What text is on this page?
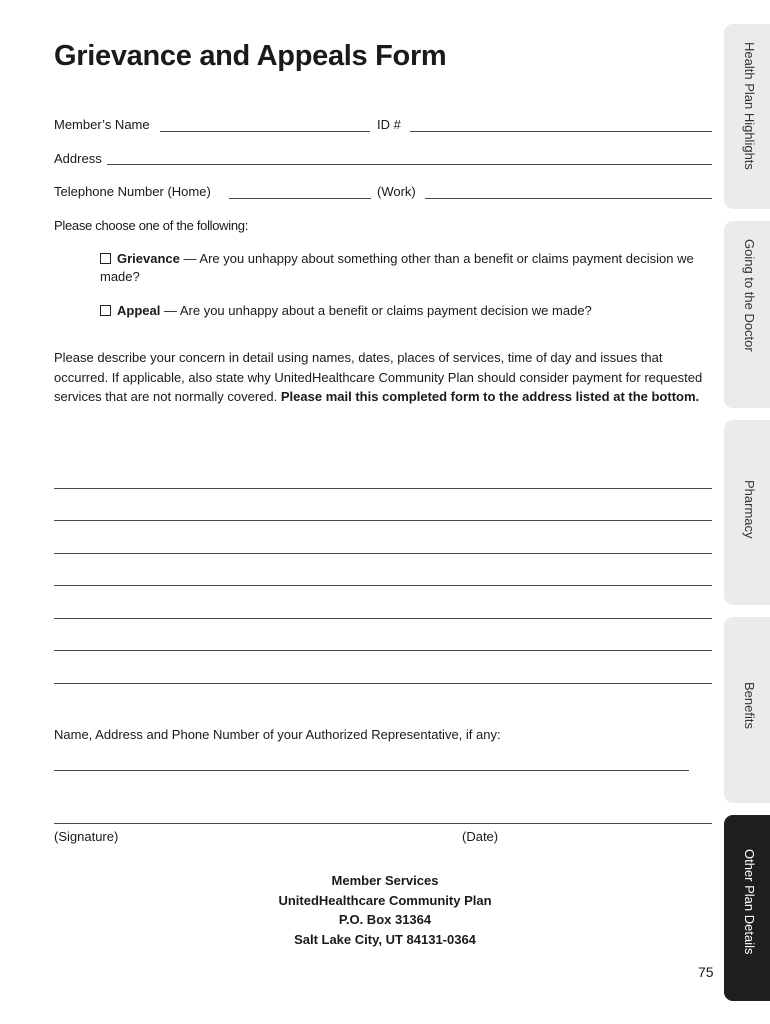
Grievance and Appeals Form
Member’s Name	ID #
Address
Telephone Number (Home)	(Work)
Please choose one of the following:
Grievance — Are you unhappy about something other than a benefit or claims payment decision we made?
Appeal — Are you unhappy about a benefit or claims payment decision we made?
Please describe your concern in detail using names, dates, places of services, time of day and issues that occurred. If applicable, also state why UnitedHealthcare Community Plan should consider payment for requested services that are not normally covered. Please mail this completed form to the address listed at the bottom.
Name, Address and Phone Number of your Authorized Representative, if any:
(Signature)	(Date)
Member Services
UnitedHealthcare Community Plan
P.O. Box 31364
Salt Lake City, UT 84131-0364
75
Health Plan Highlights
Going to the Doctor
Pharmacy
Benefits
Other Plan Details
